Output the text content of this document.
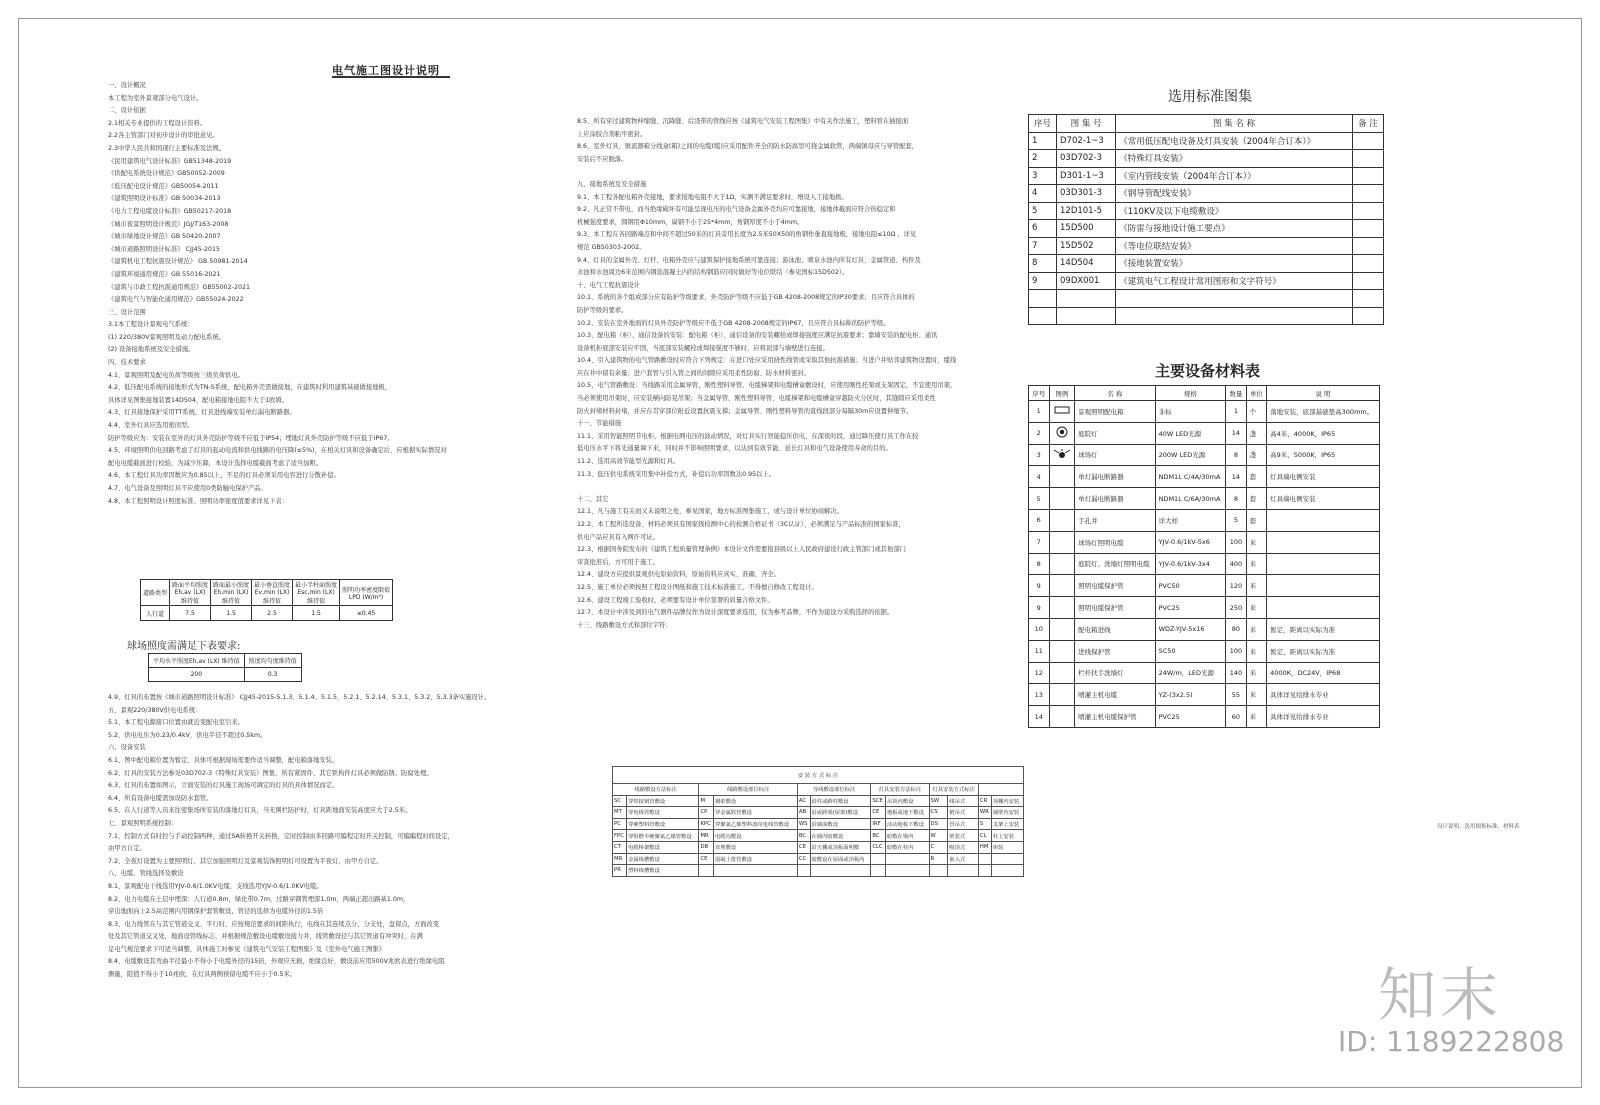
电气施工图设计说明
一、设计概况
本工程为室外景观部分电气设计。
二、设计依据
2.1相关专业提供的工程设计资料。
2.2各主管部门对初步设计的审批意见。
2.3中华人民共和国现行主要标准及法规。
《民用建筑电气设计标准》GB51348-2019
《供配电系统设计规范》GB50052-2009
《低压配电设计规范》GB50054-2011
《建筑照明设计标准》GB 50034-2013
《电力工程电缆设计标准》GB50217-2018
《城市夜景照明设计规范》JGJ/T163-2008
《城市绿地设计规范》GB 50420-2007
《城市道路照明设计标准》 CJJ45-2015
《建筑机电工程抗震设计规范》 GB 50981-2014
《建筑环境通用规范》GB 55016-2021
《建筑与市政工程抗震通用规范》GB55002-2021
《建筑电气与智能化通用规范》GB55024-2022
三、设计范围
3.1本工程设计景观电气系统：
(1) 220/380V景观照明及动力配电系统。
(2) 设备接地系统及安全措施。
四、技术要求
4.1、景观照明及配电负荷等级按三级负荷供电。
4.2、低压配电系统的接地形式为TN-S系统，配电箱外壳需做接地，在建筑时利用建筑基础做接地极，
具体详见图集接地装置14D504，配电箱接地电阻不大于1欧姆。
4.3、灯具接地保护采用TT系统，灯具进线端安装单灯漏电断路器。
4.4、室外灯具应选用密闭型。
防护等级应为：安装在室外的灯具外壳防护等级不应低于IP54；埋地灯具外壳防护等级不应低于IP67。
4.5、环境照明供电回路考虑了灯具的起动电流和供电线路的电压降(≤5%)，在相关灯具和设备确定后，应根据实际情况对
配电电缆截面进行校验，为减少压降，本设计选择电缆截面考虑了适当加粗。
4.6、本工程灯具功率因数应为0.85以上，不足的灯具必须采用电容进行分散补偿。
4.7、电气设备及照明灯具不应使用0类防触电保护产品。
4.8、本工程照明设计照度标准、照明功率密度值要求详见下表：
道路类型	路面平均照度
Eh,av (LX)
维持值	路面最小照度
Eh,min (LX)
维持值	最小垂直照度
Ev,min (LX)
维持值	最小半柱面照度
Esc,min (LX)
维持值	照明功率密度限值
LPD (W/m²)
人行道	7.5	1.5	2.5	1.5	≤0.45
球场照度需满足下表要求:
平均水平照度Eh,av (LX) 维持值	照度均匀度维持值
200	0.3
4.9、灯具的布置按《城市道路照明设计标准》 CJJ45-2015-5.1.3、5.1.4、5.1.5、5.2.1、5.2.14、5.3.1、5.3.2、5.3.3条实施设计。
五、景观220/380V供电电系统：
5.1、本工程电源接口位置由就近变配电室引来。
5.2、供电电压为0.23/0.4kV，供电半径不超过0.5km。
六、设备安装
6.1、图中配电箱位置为暂定，具体可根据现场需要作适当调整，配电箱落地安装。
6.2、灯具的安装方法参见03D702-3《特殊灯具安装》图集，所有紧固件、其它铁构件灯具必须做防锈、防腐处理。
6.3、灯具的布置如图示，立面安装的灯具施工现场可调定的灯具的具体情况而定。
6.4、所有设备电缆需加设防水套管。
6.5、在人行道等人员来往密集场所安装的落地灯灯具，当无围栏防护时，灯具距地面安装高度应大于2.5米。
七、景观照明系统控制：
7.1、控制方式有时控与手动控制两种，通过SA转换开关转换，定时控制由多回路可编程定时开关控制，可编编程时间设定，
由甲方自定。
7.2、全夜灯设置为主要照明灯，其它加强照明灯及景观装饰照明灯可设置为半夜灯，由甲方自定。
八、电缆、管线选择及敷设
8.1、景观配电干线选用YJV-0.6/1.0KV电缆，支线选用YJV-0.6/1.0KV电缆。
8.2、电力电缆在土层中埋深：人行道0.8m，绿化带0.7m，过路穿钢管埋深1.0m，两端正超出路基1.0m，
穿出地面向上2.5高范围内用钢保护套管敷设，管径的选择为电缆外径的1.5倍
8.3、电力线管在与其它管道交叉、平行时，应按规范要求的间距执行，电线在其连续点分，分支处，盘留点，方面改变
处及其它管道交叉处，地面设管线标志，并根据规范敷设电缆敷设接力井，线管敷设径与其它管道有冲突时，在满
足电气规范要求下可适当调整，具体施工时参见《建筑电气安装工程图集》及《室外电气施工图集》
8.4、电缆敷设其弯曲半径最小不得小于电缆外径的15倍，外观应无损，绝缘良好，敷设前应用500V兆欧表进行绝缘电阻
测量，阻值不得小于10兆欧，在灯具两侧预留电缆不应小于0.5米。
8.5、所有穿过建筑物伸缩缝、沉降缝、后浇带的管线应按《建筑电气安装工程图集》中有关作法施工，塑料管在插接面
上应涂胶合剂粘牢密封。
8.6、室外灯具、镇流器箱分线盒(箱)之间的电缆(缆)应采用配件齐全的防水防腐型可挠金属软管，两端镇母应与导管配套，
安装后不应脱落。
九、接地系统及安全措施
9.1、本工程各配电箱外壳接地，要求接地电阻不大于1Ω，实测不满足要求时，增设人工接地极。
9.2、凡正常不带电，而当绝缘破坏有可能呈现电压的电气设备金属外壳均应可靠接地，接地体截面应符合热稳定和
机械强度要求，圆钢用Φ10mm，扁钢不小于25*4mm，角钢厚度不小于4mm。
9.3、本工程在各回路端点和中间不超过50米的灯具旁用长度为2.5米50X50的角钢作垂直接地极，接地电阻≤10Ω ，详见
规范 GB50303-2002。
9.4、灯具的金属外壳、灯杆、电箱外壳应与建筑保护接地系统可靠连接；游泳池、喷泉水池内所有灯具、金属管道、构件及
水池和水池周边6米范围内钢筋混凝土内的结构钢筋应同时做好等电位联结（参见国标15D502）。
十、电气工程抗震设计
10.1、系统的各个组成部分应有防护等级要求，外壳防护等级不应低于GB 4208-2008规定的IP30要求；且应符合具体的
防护等级的要求。
10.2、安装在室外地面的灯具外壳防护等级应不低于GB 4208-2008规定的IP67，且应符合具标称的防护等级。
10.3、配电箱（柜）、通信设备的安装：配电箱（柜）、通信设备的安装螺栓或焊接强度应满足抗震要求；靠墙安装的配电柜、通讯
设备机柜底部安装应牢固，当底部安装螺栓或焊接强度不够时，应将顶部与墙壁进行连接。
10.4、引入建筑物的电气管路敷设时应符合下列规定：在进口处应采用挠性线管或采取其他抗震措施；当进户井贴邻建筑物设置时，缆线
应在井中留有余量；进户套管与引入管之间的间隙应采用柔性防腐、防水材料密封。
10.5、电气管路敷设：当线路采用金属导管、刚性塑料导管、电缆梯架和电缆槽盒敷设时，应使用刚性托架或支架固定，不宜使用吊架，
当必须使用吊架时，应安装横向防晃吊架；当金属导管、刚性塑料导管、电缆梯架和电缆槽盒穿越防火分区时，其缝隙应采用柔性
防火封堵材料封堵，并应在贯穿部位附近设置抗震支撑；金属导管、刚性塑料导管的直线段部分每隔30m应设置伸缩节。
十一、节能措施
11.1、采用智能照明节电柜，根据电网电压的波动情况，对灯具实行智能稳压供电，在深夜时段，通过降压使灯具工作在较
低电压水平下将光通量调下来，同时并不影响照明要求，以达到有效节能、延长灯具和电气设备使用寿命的目的。
11.2、选用高效节能型光源和灯具。
11.3、低压供电系统采用集中补偿方式，补偿后功率因数达0.95以上。
十二、其它
12.1、凡与施工有关而又未说明之处，参见国家，地方标准图集施工，或与设计单位协商解决。
12.2、本工程所选设备、材料必须具有国家级检测中心的检测合格证书（3C认证），必须满足与产品标准的国家标准，
供电产品应具有入网许可证。
12.3、根据国务院发布的《建筑工程质量管理条例》本设计文件需要报县级以上人民政府建设行政主管部门或其他部门
审查批准后，方可用于施工。
12.4、建设方应提供景观供电原始资料，原始资料应真实、准确、齐全。
12.5、施工单位必须按照工程设计图纸和施工技术标准施工，不得擅自修改工程设计。
12.6、建设工程竣工验收时，必须要有设计单位签署的质量合格文件。
12.7、本设计中涉及到的电气器件品牌仅作为设计深度要求选用，仅为参考品牌，不作为建设方采购选择的依据。
十三、线路敷设方式和部位字符：
安 装 方 式 标 注											
线路敷设方法标注		线路敷设部位标注		导线敷设部位标注		灯具安装方法标注		灯具安装方式标注			
SC	穿焊接钢管敷设	M	钢索敷设	AC	沿柱或跨柱敷设	SCE	吊顶内敷设	SW	线吊式	CR	顶棚内安装
MT	穿电线管敷设	CP	穿金属软管敷设	AB	沿或跨梁(屋架)敷设	CE	地板或地下敷设	CS	链吊式	WR	墙壁内安装
PC	穿硬塑料管敷设	KPC	穿聚氯乙烯塑料波纹电线管敷设	WS	沿墙面敷设	IRF	活动地板下敷设	DS	管吊式	S	支架上安装
FPC	穿阻燃半硬聚氯乙烯管敷设	MR	电缆沟敷设	BC	在墙内暗敷设	BC	暗敷在梁内	W	壁装式	CL	柱上安装
CT	电缆桥架敷设	DB	直埋敷设	CE	沿天棚或顶板面明敷	CLC	暗敷在柱内	C	吸顶式	HM	座装
MR	金属线槽敷设	CE	混凝土排管敷设	CC	暗敷设在屋面或顶板内			R	嵌入式		
PR	塑料线槽敷设										
选用标准图集
序号	图 集 号	图 集 名 称	备 注
1	D702-1~3	《常用低压配电设备及灯具安装（2004年合订本）》	
2	03D702-3	《特殊灯具安装》	
3	D301-1~3	《室内管线安装（2004年合订本）》	
4	03D301-3	《钢导管配线安装》	
5	12D101-5	《110KV及以下电缆敷设》	
6	15D500	《防雷与接地设计施工要点》	
7	15D502	《等电位联结安装》	
8	14D504	《接地装置安装》	
9	09DX001	《建筑电气工程设计常用图形和文字符号》	

主要设备材料表
序号	图例	名 称	规格	数量	单位	说 明
1		景观照明配电箱	非标	1	个	落地安装，底部基础垫高300mm。
2		庭院灯	40W LED光源	14	盏	高4米，4000K，IP65
3		球场灯	200W LED光源	8	盏	高9米，5000K，IP65
4		单灯漏电断路器	NDM1L C/4A/30mA	14	套	灯具端电侧安装
5		单灯漏电断路器	NDM1L C/6A/30mA	8	套	灯具端电侧安装
6		手孔井	详大样	5	套	
7		球场灯照明电缆	YJV-0.6/1kV-5x6	100	米	
8		庭院灯、洗墙灯照明电缆	YJV-0.6/1kV-3x4	400	米	
9		照明电缆保护管	PVC50	120	米	
9		照明电缆保护管	PVC25	250	米	
10		配电箱进线	WDZ-YJV-5x16	80	米	暂定，距离以实际为准
11		进线保护管	SC50	100	米	暂定，距离以实际为准
12		栏杆扶手洗墙灯	24W/m，LED光源	140	米	4000K，DC24V，IP68
13		喷灌主机电缆	YZ-(3x2.5)	55	米	具体详见给排水专业
14		喷灌主机电缆保护管	PVC25	60	米	具体详见给排水专业
设计说明、选用图集标准、材料表
知末
ID: 1189222808
